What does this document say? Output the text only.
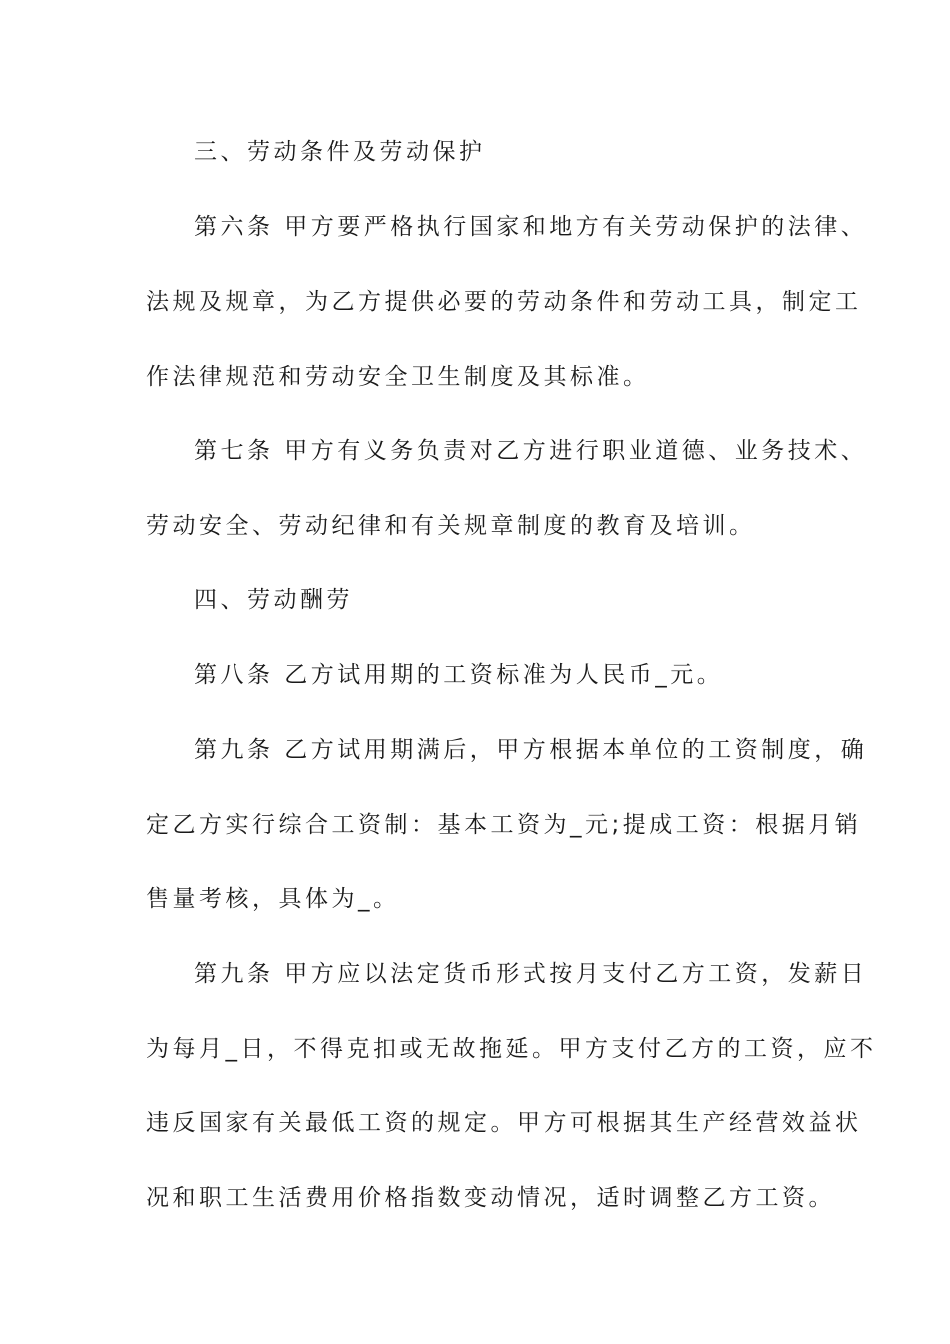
三、劳动条件及劳动保护
第六条 甲方要严格执行国家和地方有关劳动保护的法律、
法规及规章，为乙方提供必要的劳动条件和劳动工具，制定工
作法律规范和劳动安全卫生制度及其标准。
第七条 甲方有义务负责对乙方进行职业道德、业务技术、
劳动安全、劳动纪律和有关规章制度的教育及培训。
四、劳动酬劳
第八条 乙方试用期的工资标准为人民币_元。
第九条 乙方试用期满后，甲方根据本单位的工资制度，确
定乙方实行综合工资制：基本工资为_元;提成工资：根据月销
售量考核，具体为_。
第九条 甲方应以法定货币形式按月支付乙方工资，发薪日
为每月_日，不得克扣或无故拖延。甲方支付乙方的工资，应不
违反国家有关最低工资的规定。甲方可根据其生产经营效益状
况和职工生活费用价格指数变动情况，适时调整乙方工资。
